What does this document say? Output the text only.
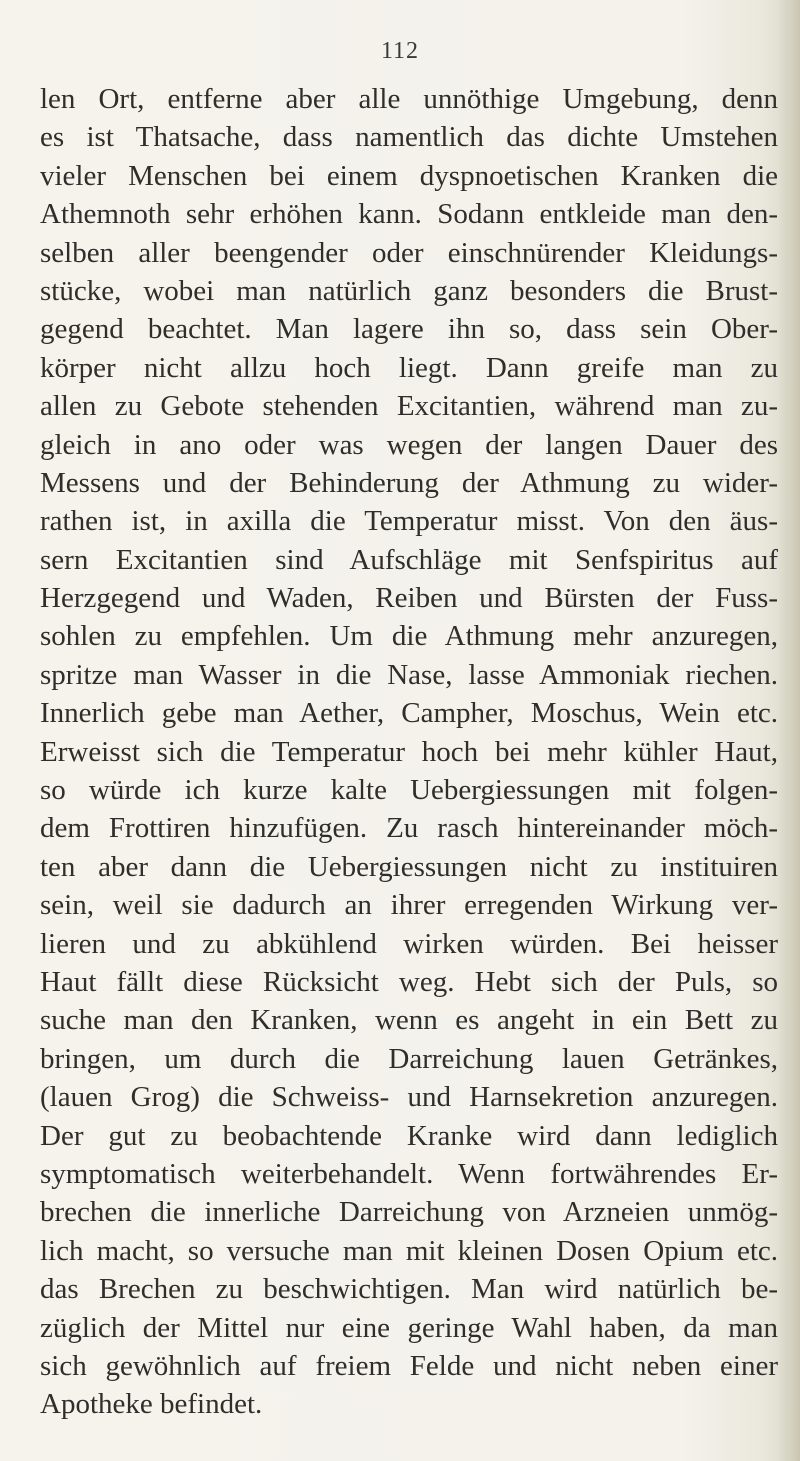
112
len Ort, entferne aber alle unnöthige Umgebung, denn
es ist Thatsache, dass namentlich das dichte Umstehen
vieler Menschen bei einem dyspnoetischen Kranken die
Athemnoth sehr erhöhen kann. Sodann entkleide man den-
selben aller beengender oder einschnürender Kleidungs-
stücke, wobei man natürlich ganz besonders die Brust-
gegend beachtet. Man lagere ihn so, dass sein Ober-
körper nicht allzu hoch liegt. Dann greife man zu
allen zu Gebote stehenden Excitantien, während man zu-
gleich in ano oder was wegen der langen Dauer des
Messens und der Behinderung der Athmung zu wider-
rathen ist, in axilla die Temperatur misst. Von den äus-
sern Excitantien sind Aufschläge mit Senfspiritus auf
Herzgegend und Waden, Reiben und Bürsten der Fuss-
sohlen zu empfehlen. Um die Athmung mehr anzuregen,
spritze man Wasser in die Nase, lasse Ammoniak riechen.
Innerlich gebe man Aether, Campher, Moschus, Wein etc.
Erweisst sich die Temperatur hoch bei mehr kühler Haut,
so würde ich kurze kalte Uebergiessungen mit folgen-
dem Frottiren hinzufügen. Zu rasch hintereinander möch-
ten aber dann die Uebergiessungen nicht zu instituiren
sein, weil sie dadurch an ihrer erregenden Wirkung ver-
lieren und zu abkühlend wirken würden. Bei heisser
Haut fällt diese Rücksicht weg. Hebt sich der Puls, so
suche man den Kranken, wenn es angeht in ein Bett zu
bringen, um durch die Darreichung lauen Getränkes,
(lauen Grog) die Schweiss- und Harnsekretion anzuregen.
Der gut zu beobachtende Kranke wird dann lediglich
symptomatisch weiterbehandelt. Wenn fortwährendes Er-
brechen die innerliche Darreichung von Arzneien unmög-
lich macht, so versuche man mit kleinen Dosen Opium etc.
das Brechen zu beschwichtigen. Man wird natürlich be-
züglich der Mittel nur eine geringe Wahl haben, da man
sich gewöhnlich auf freiem Felde und nicht neben einer
Apotheke befindet.
